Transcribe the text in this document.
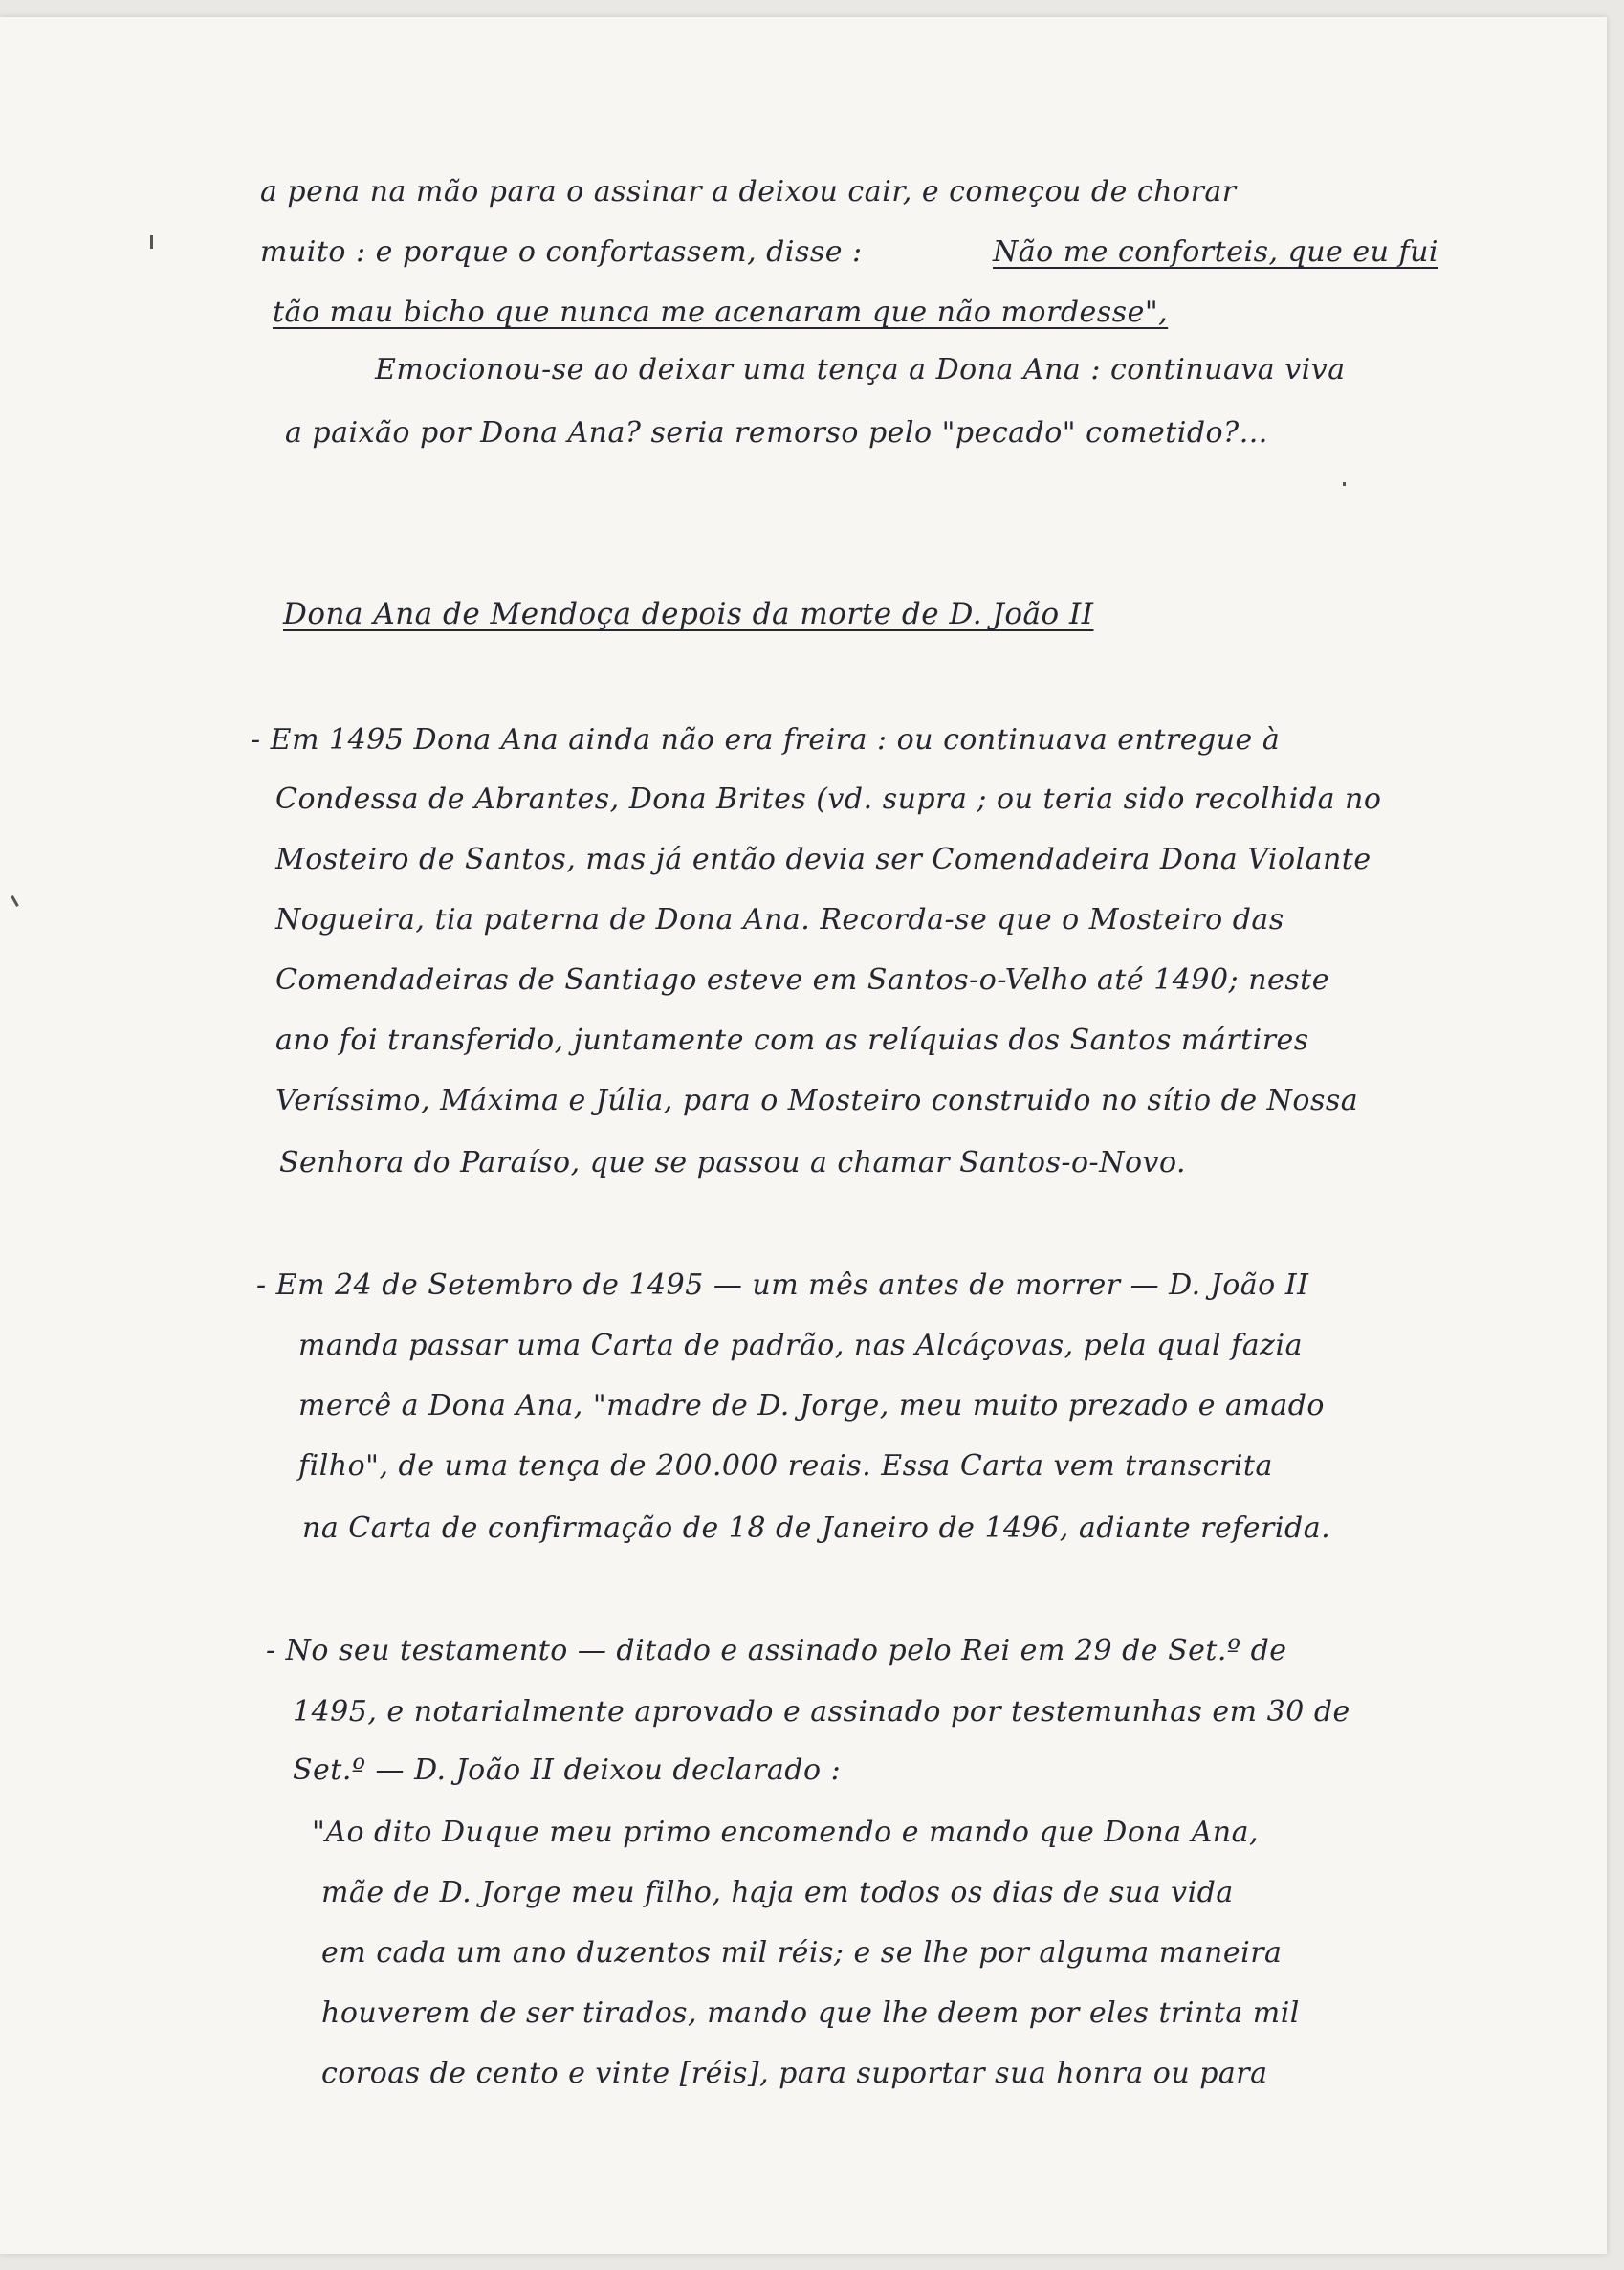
a pena na mão para o assinar a deixou cair, e começou de chorar
muito : e porque o confortassem, disse :	Não me conforteis, que eu fui
tão mau bicho que nunca me acenaram que não mordesse",
Emocionou-se ao deixar uma tença a Dona Ana : continuava viva
a paixão por Dona Ana? seria remorso pelo "pecado" cometido?...
Dona Ana de Mendoça depois da morte de D. João II
- Em 1495 Dona Ana ainda não era freira : ou continuava entregue à
Condessa de Abrantes, Dona Brites (vd. supra ; ou teria sido recolhida no
Mosteiro de Santos, mas já então devia ser Comendadeira Dona Violante
Nogueira, tia paterna de Dona Ana. Recorda-se que o Mosteiro das
Comendadeiras de Santiago esteve em Santos-o-Velho até 1490; neste
ano foi transferido, juntamente com as relíquias dos Santos mártires
Veríssimo, Máxima e Júlia, para o Mosteiro construido no sítio de Nossa
Senhora do Paraíso, que se passou a chamar Santos-o-Novo.
- Em 24 de Setembro de 1495 — um mês antes de morrer — D. João II
manda passar uma Carta de padrão, nas Alcáçovas, pela qual fazia
mercê a Dona Ana, "madre de D. Jorge, meu muito prezado e amado
filho", de uma tença de 200.000 reais. Essa Carta vem transcrita
na Carta de confirmação de 18 de Janeiro de 1496, adiante referida.
- No seu testamento — ditado e assinado pelo Rei em 29 de Set.º de
1495, e notarialmente aprovado e assinado por testemunhas em 30 de
Set.º — D. João II deixou declarado :
"Ao dito Duque meu primo encomendo e mando que Dona Ana,
mãe de D. Jorge meu filho, haja em todos os dias de sua vida
em cada um ano duzentos mil réis; e se lhe por alguma maneira
houverem de ser tirados, mando que lhe deem por eles trinta mil
coroas de cento e vinte [réis], para suportar sua honra ou para
